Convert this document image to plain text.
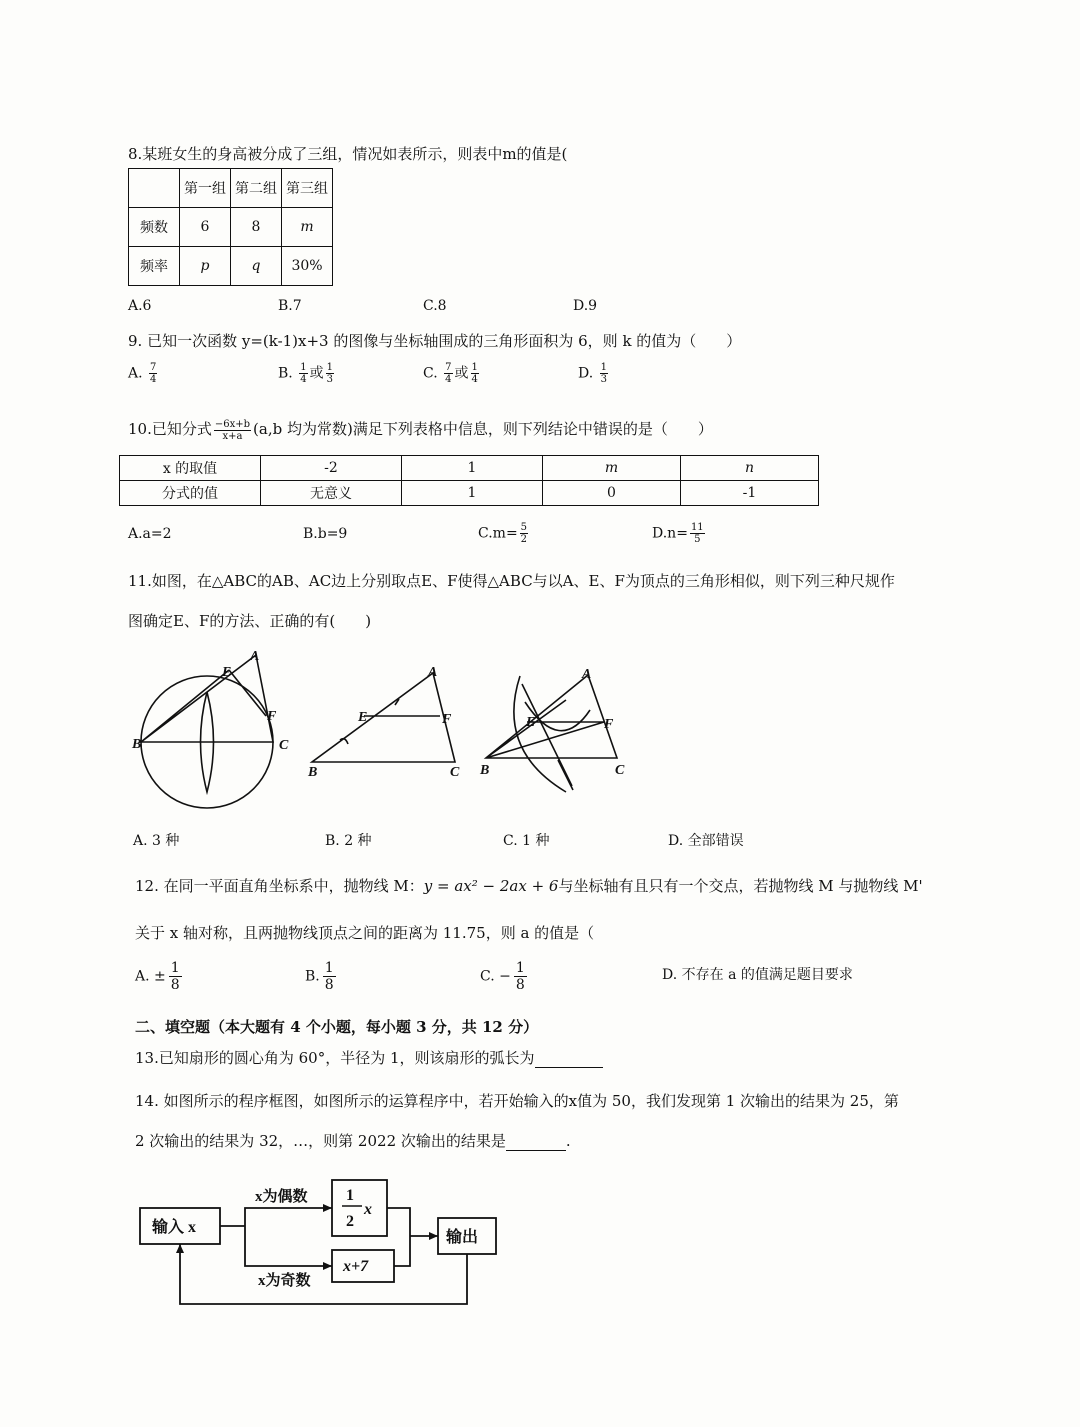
8.某班女生的身高被分成了三组，情况如表所示，则表中m的值是(
	第一组	第二组	第三组
频数	6	8	m
频率	p	q	30%
A.6	B.7	C.8	D.9
9. 已知一次函数 y=(k-1)x+3 的图像与坐标轴围成的三角形面积为 6，则 k 的值为（　　）
A. $\frac{7}{4}$	B. $\frac{1}{4}$ 或 $\frac{1}{3}$	C. $\frac{7}{4}$ 或 $\frac{1}{4}$	D. $\frac{1}{3}$
10.已知分式 $\frac{-6x+b}{x+a} (a,b$ 均为常数)满足下列表格中信息，则下列结论中错误的是（　　）
x 的取值	-2	1	m	n
分式的值	无意义	1	0	-1
A.a=2	B.b=9	$C.m= \frac{5}{2}$	$D.n= \frac{11}{5}$
11.如图，在△ABC的AB、AC边上分别取点E、F使得△ABC与以A、E、F为顶点的三角形相似，则下列三种尺规作
图确定E、F的方法、正确的有(　　)
A
E
F
B	C
A
E	F
B	C
A
E	F
B	C
A. 3 种	B. 2 种	C. 1 种	D. 全部错误
12. 在同一平面直角坐标系中，抛物线 M：y = ax² − 2ax + 6与坐标轴有且只有一个交点，若抛物线 M 与抛物线 M'
关于 x 轴对称，且两抛物线顶点之间的距离为 11.75，则 a 的值是（
A. ± $\frac{1}{8}$	B. $\frac{1}{8}$	C. − $\frac{1}{8}$	D. 不存在 a 的值满足题目要求
二、填空题（本大题有 4 个小题，每小题 3 分，共 12 分）
13.已知扇形的圆心角为 60°，半径为 1，则该扇形的弧长为
14. 如图所示的程序框图，如图所示的运算程序中，若开始输入的x值为 50，我们发现第 1 次输出的结果为 25，第
2 次输出的结果为 32，…，则第 2022 次输出的结果是	.
输入 x
x为偶数
x为奇数
1
2
x
x+7
输出
